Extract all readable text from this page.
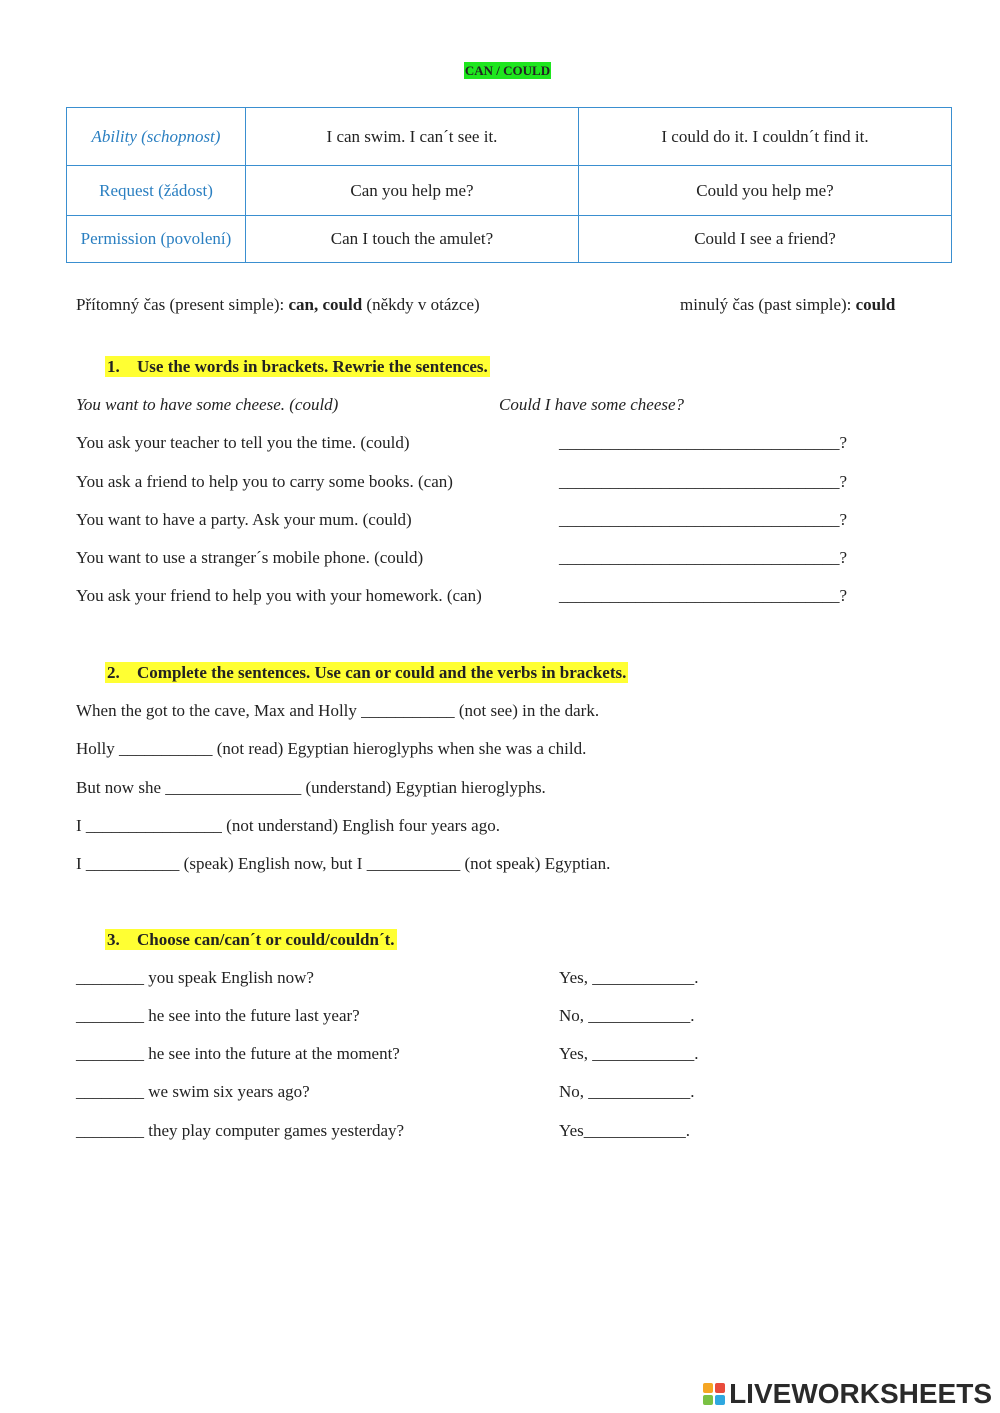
CAN / COULD
Ability (schopnost)	I can swim. I can´t see it.	I could do it. I couldn´t find it.
Request (žádost)	Can you help me?	Could you help me?
Permission (povolení)	Can I touch the amulet?	Could I see a friend?
Přítomný čas (present simple): can, could (někdy v otázce)	minulý čas (past simple): could
1. Use the words in brackets. Rewrie the sentences.
You want to have some cheese. (could)	Could I have some cheese?
You ask your teacher to tell you the time. (could)	_________________________________?
You ask a friend to help you to carry some books. (can)	_________________________________?
You want to have a party. Ask your mum. (could)	_________________________________?
You want to use a stranger´s mobile phone. (could)	_________________________________?
You ask your friend to help you with your homework. (can)	_________________________________?
2. Complete the sentences. Use can or could and the verbs in brackets.
When the got to the cave, Max and Holly ___________ (not see) in the dark.
Holly ___________ (not read) Egyptian hieroglyphs when she was a child.
But now she ________________ (understand) Egyptian hieroglyphs.
I ________________ (not understand) English four years ago.
I ___________ (speak) English now, but I ___________ (not speak) Egyptian.
3. Choose can/can´t or could/couldn´t.
________ you speak English now?	Yes, ____________.
________ he see into the future last year?	No, ____________.
________ he see into the future at the moment?	Yes, ____________.
________ we swim six years ago?	No, ____________.
________ they play computer games yesterday?	Yes____________.
LIVEWORKSHEETS
